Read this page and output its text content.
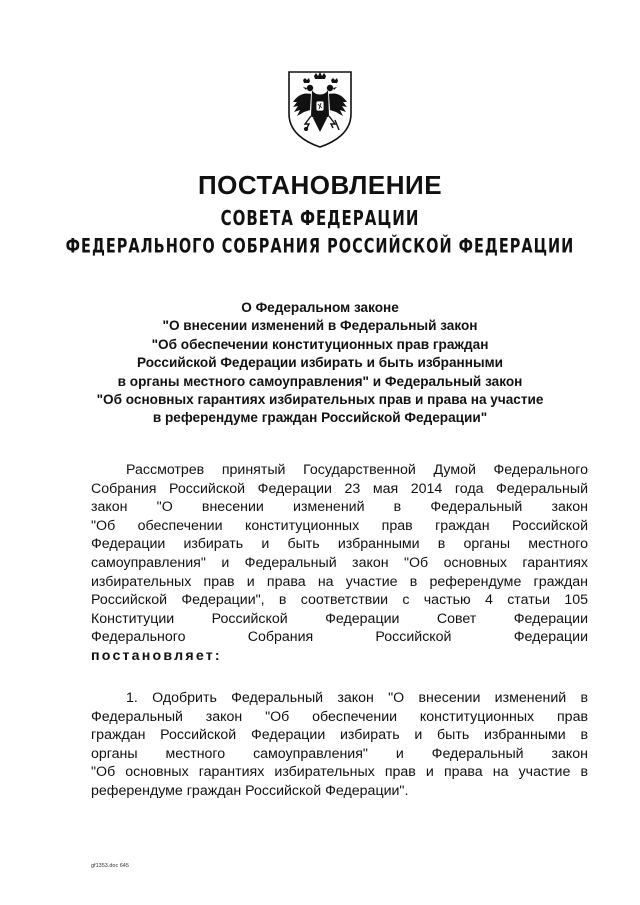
ПОСТАНОВЛЕНИЕ
СОВЕТА ФЕДЕРАЦИИ
ФЕДЕРАЛЬНОГО СОБРАНИЯ РОССИЙСКОЙ ФЕДЕРАЦИИ
О Федеральном законе
"О внесении изменений в Федеральный закон
"Об обеспечении конституционных прав граждан
Российской Федерации избирать и быть избранными
в органы местного самоуправления" и Федеральный закон
"Об основных гарантиях избирательных прав и права на участие
в референдуме граждан Российской Федерации"
Рассмотрев принятый Государственной Думой Федерального
Собрания Российской Федерации 23 мая 2014 года Федеральный
закон "О внесении изменений в Федеральный закон
"Об обеспечении конституционных прав граждан Российской
Федерации избирать и быть избранными в органы местного
самоуправления" и Федеральный закон "Об основных гарантиях
избирательных прав и права на участие в референдуме граждан
Российской Федерации", в соответствии с частью 4 статьи 105
Конституции Российской Федерации Совет Федерации
Федерального Собрания Российской Федерации
постановляет:
1. Одобрить Федеральный закон "О внесении изменений в
Федеральный закон "Об обеспечении конституционных прав
граждан Российской Федерации избирать и быть избранными в
органы местного самоуправления" и Федеральный закон
"Об основных гарантиях избирательных прав и права на участие в
референдуме граждан Российской Федерации".
gf1353.doc 645
